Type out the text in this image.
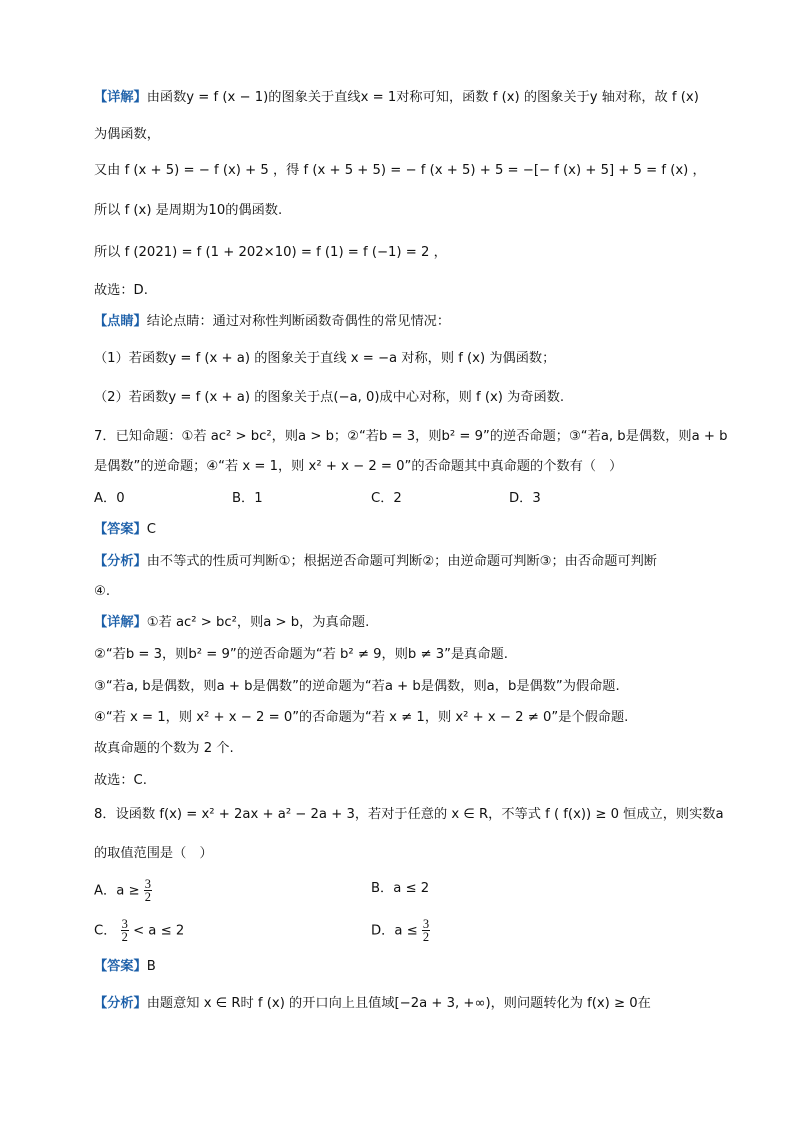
【详解】由函数y = f (x − 1)的图象关于直线x = 1对称可知，函数 f (x) 的图象关于y 轴对称，故 f (x)
为偶函数，
又由 f (x + 5) = − f (x) + 5 ，得 f (x + 5 + 5) = − f (x + 5) + 5 = −[− f (x) + 5] + 5 = f (x) ，
所以 f (x) 是周期为10的偶函数.
所以 f (2021) = f (1 + 202×10) = f (1) = f (−1) = 2 ，
故选：D.
【点睛】结论点睛：通过对称性判断函数奇偶性的常见情况：
（1）若函数y = f (x + a) 的图象关于直线 x = −a 对称，则 f (x) 为偶函数；
（2）若函数y = f (x + a) 的图象关于点(−a, 0)成中心对称，则 f (x) 为奇函数.
7．已知命题：①若 ac² > bc²，则a > b；②“若b = 3，则b² = 9”的逆否命题；③“若a, b是偶数，则a + b
是偶数”的逆命题；④“若 x = 1，则 x² + x − 2 = 0”的否命题其中真命题的个数有（　）
A．0	B．1	C．2	D．3
【答案】C
【分析】由不等式的性质可判断①；根据逆否命题可判断②；由逆命题可判断③；由否命题可判断
④.
【详解】①若 ac² > bc²，则a > b，为真命题.
②“若b = 3，则b² = 9”的逆否命题为“若 b² ≠ 9，则b ≠ 3”是真命题.
③“若a, b是偶数，则a + b是偶数”的逆命题为“若a + b是偶数，则a，b是偶数”为假命题.
④“若 x = 1，则 x² + x − 2 = 0”的否命题为“若 x ≠ 1，则 x² + x − 2 ≠ 0”是个假命题.
故真命题的个数为 2 个.
故选：C.
8．设函数 f(x) = x² + 2ax + a² − 2a + 3，若对于任意的 x ∈ R，不等式 f ( f(x)) ≥ 0 恒成立，则实数a
的取值范围是（　）
A．$a \ge \frac{3}{2}$	B．a ≤ 2
C． $\frac{3}{2} < a \le 2$	D．$a \le \frac{3}{2}$
【答案】B
【分析】由题意知 x ∈ R时 f (x) 的开口向上且值域[−2a + 3, +∞)，则问题转化为 f(x) ≥ 0在
